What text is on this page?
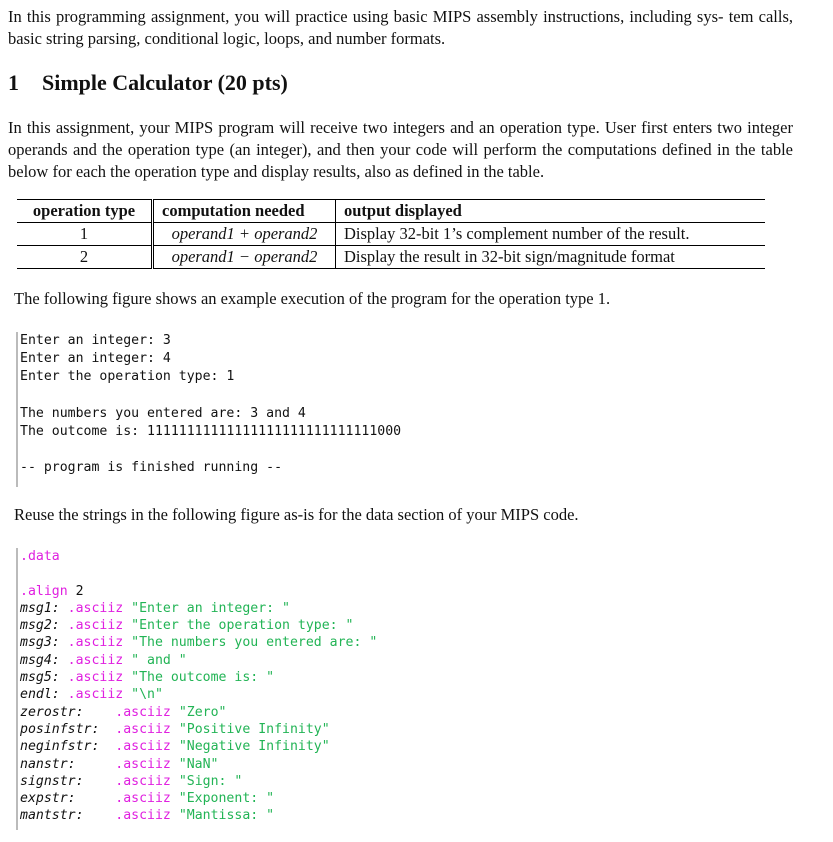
In this programming assignment, you will practice using basic MIPS assembly instructions, including sys- tem calls, basic string parsing, conditional logic, loops, and number formats.
1 Simple Calculator (20 pts)
In this assignment, your MIPS program will receive two integers and an operation type. User first enters two integer operands and the operation type (an integer), and then your code will perform the computations defined in the table below for each the operation type and display results, also as defined in the table.
operation type	computation needed	output displayed
1	operand1 + operand2	Display 32-bit 1’s complement number of the result.
2	operand1 − operand2	Display the result in 32-bit sign/magnitude format
The following figure shows an example execution of the program for the operation type 1.
Enter an integer: 3
Enter an integer: 4
Enter the operation type: 1

The numbers you entered are: 3 and 4
The outcome is: 11111111111111111111111111111000

-- program is finished running --
Reuse the strings in the following figure as-is for the data section of your MIPS code.
.data

.align 2
msg1: .asciiz "Enter an integer: "
msg2: .asciiz "Enter the operation type: "
msg3: .asciiz "The numbers you entered are: "
msg4: .asciiz " and "
msg5: .asciiz "The outcome is: "
endl: .asciiz "\n"
zerostr: .asciiz "Zero"
posinfstr: .asciiz "Positive Infinity"
neginfstr: .asciiz "Negative Infinity"
nanstr:	.asciiz "NaN"
signstr: .asciiz "Sign: "
expstr:	.asciiz "Exponent: "
mantstr: .asciiz "Mantissa: "
